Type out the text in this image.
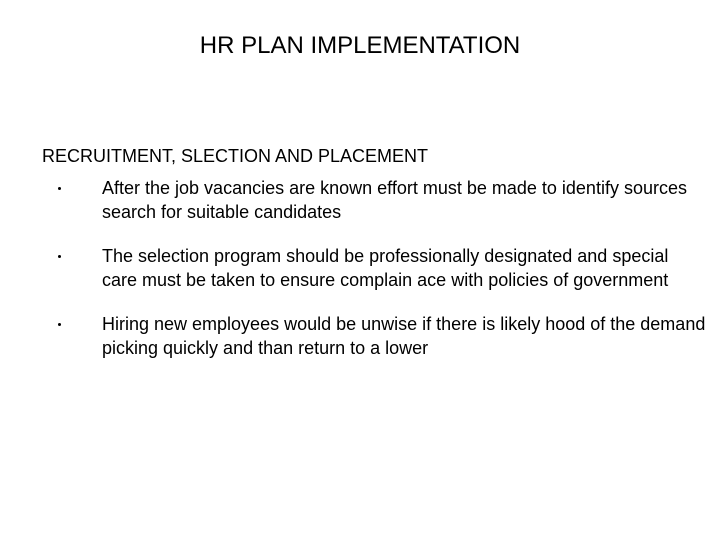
HR PLAN IMPLEMENTATION
RECRUITMENT, SLECTION AND PLACEMENT
After the job vacancies are known effort must be made to identify sources search for suitable candidates
The selection program should be professionally designated and special care must be taken to ensure complain ace with policies of government
Hiring new employees would be unwise if there is likely hood of the demand picking quickly and than return to a lower
